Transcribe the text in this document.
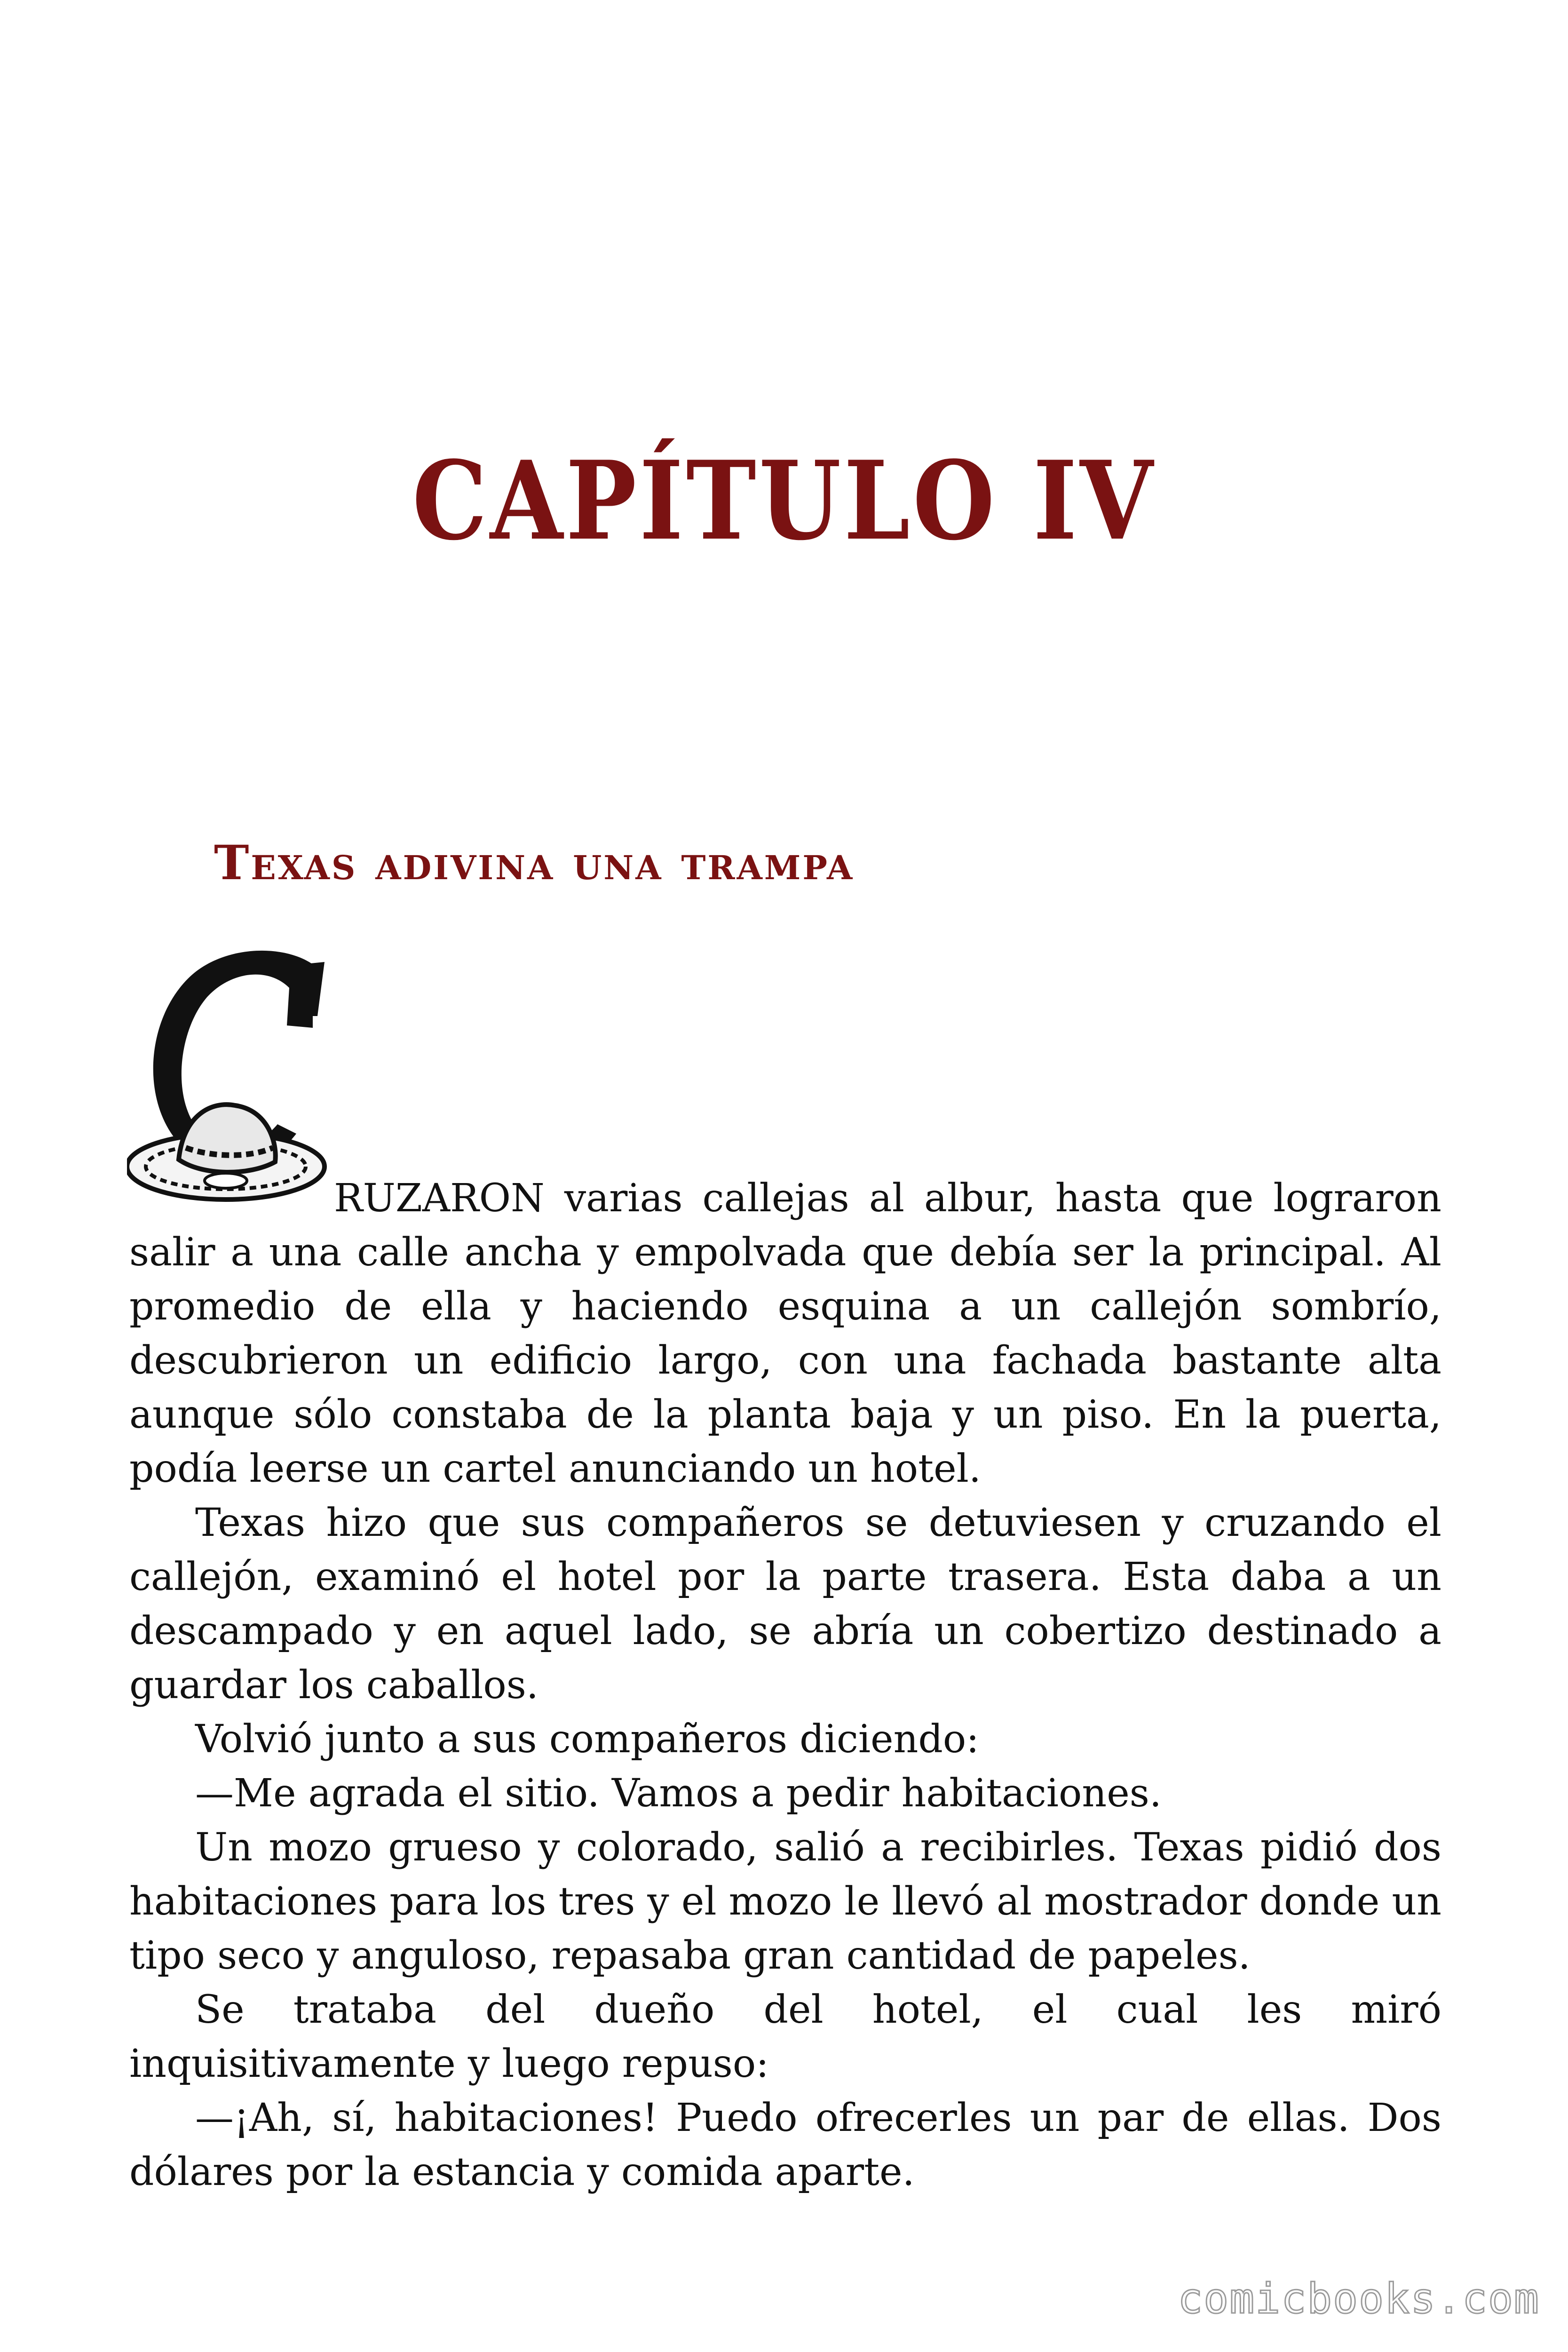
CAPÍTULO IV
Texas adivina una trampa

RUZARON varias callejas al albur, hasta que lograron
salir a una calle ancha y empolvada que debía ser la principal. Al promedio de ella y haciendo esquina a un callejón sombrío, descubrieron un edificio largo, con una fachada bastante alta aunque sólo constaba de la planta baja y un piso. En la puerta, podía leerse un cartel anunciando un hotel.

Texas hizo que sus compañeros se detuviesen y cruzando el callejón, examinó el hotel por la parte trasera. Esta daba a un descampado y en aquel lado, se abría un cobertizo destinado a guardar los caballos.

Volvió junto a sus compañeros diciendo:

—Me agrada el sitio. Vamos a pedir habitaciones.

Un mozo grueso y colorado, salió a recibirles. Texas pidió dos habitaciones para los tres y el mozo le llevó al mostrador donde un tipo seco y anguloso, repasaba gran cantidad de papeles.

Se trataba del dueño del hotel, el cual les miró inquisitivamente y luego repuso:

—¡Ah, sí, habitaciones! Puedo ofrecerles un par de ellas. Dos dólares por la estancia y comida aparte.

comicbooks.com
